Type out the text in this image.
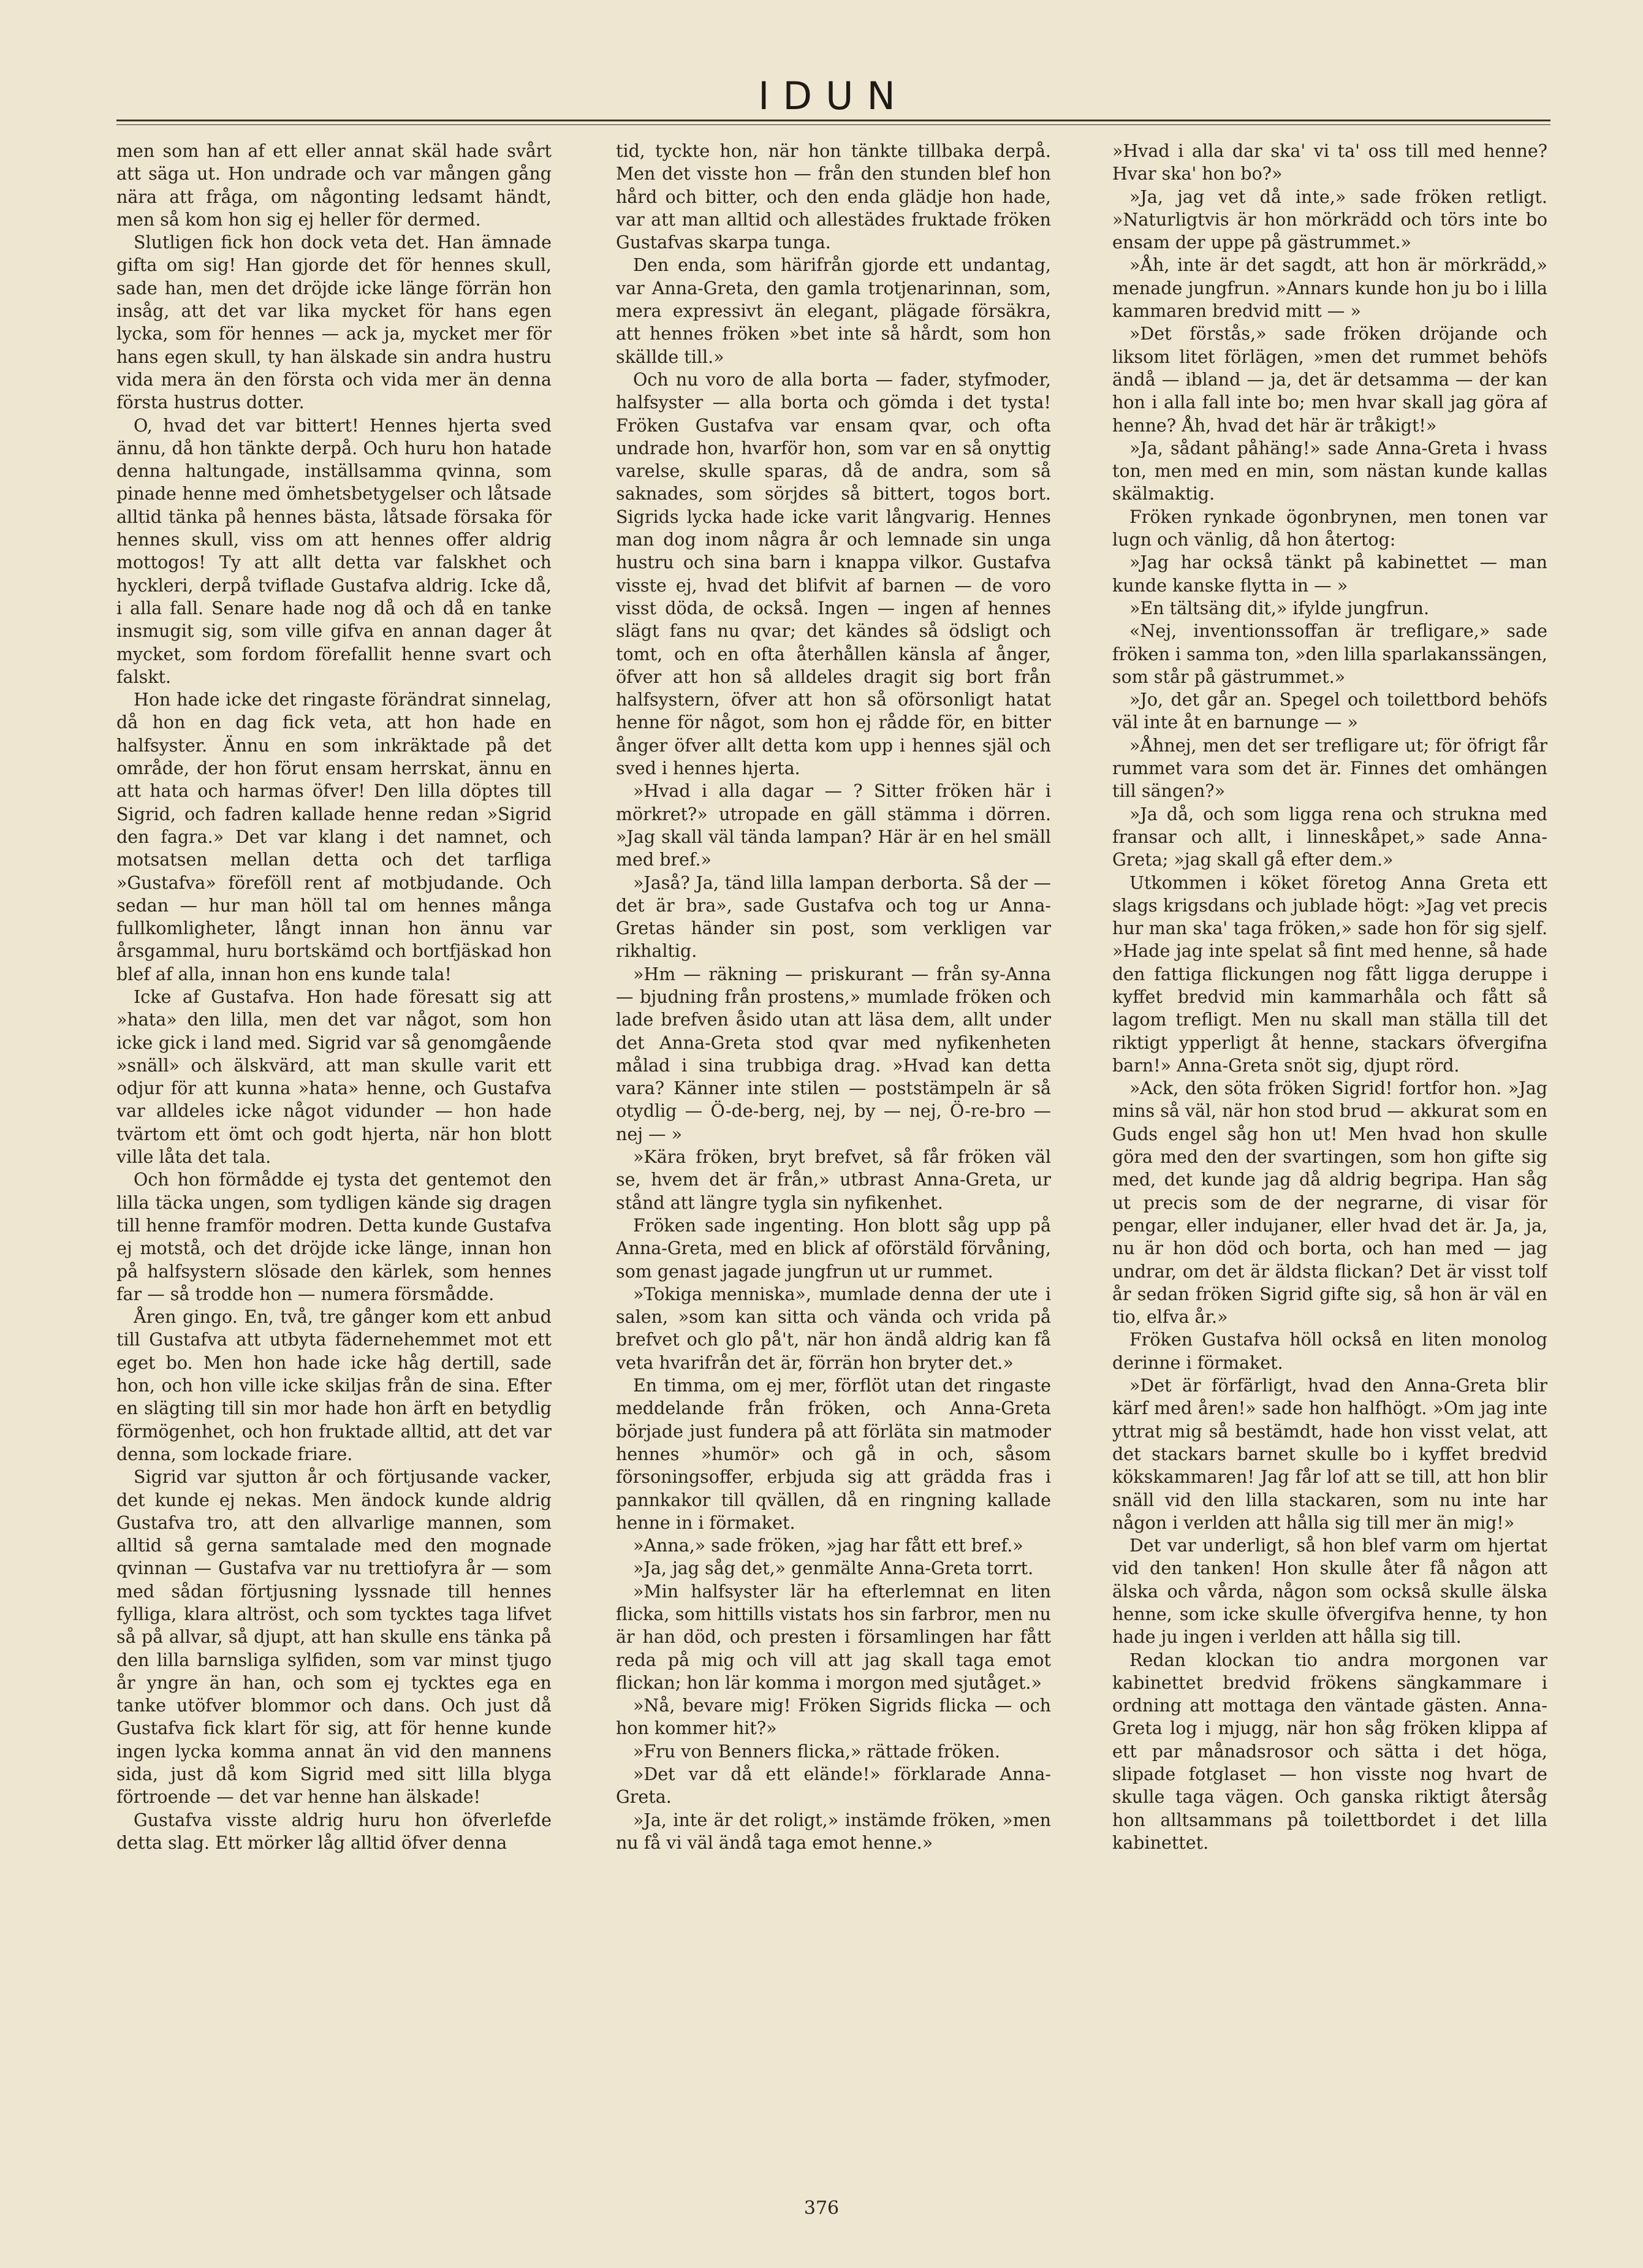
IDUN

men som han af ett eller annat skäl hade svårt att säga ut. Hon undrade och var mången gång nära att fråga, om någonting ledsamt händt, men så kom hon sig ej heller för dermed.

Slutligen fick hon dock veta det. Han ämnade gifta om sig! Han gjorde det för hennes skull, sade han, men det dröjde icke länge förrän hon insåg, att det var lika mycket för hans egen lycka, som för hennes — ack ja, mycket mer för hans egen skull, ty han älskade sin andra hustru vida mera än den första och vida mer än denna första hustrus dotter.

O, hvad det var bittert! Hennes hjerta sved ännu, då hon tänkte derpå. Och huru hon hatade denna haltungade, inställsamma qvinna, som pinade henne med ömhetsbetygelser och låtsade alltid tänka på hennes bästa, låtsade försaka för hennes skull, viss om att hennes offer aldrig mottogos! Ty att allt detta var falskhet och hyckleri, derpå tviflade Gustafva aldrig. Icke då, i alla fall. Senare hade nog då och då en tanke insmugit sig, som ville gifva en annan dager åt mycket, som fordom förefallit henne svart och falskt.

Hon hade icke det ringaste förändrat sinnelag, då hon en dag fick veta, att hon hade en halfsyster. Ännu en som inkräktade på det område, der hon förut ensam herrskat, ännu en att hata och harmas öfver! Den lilla döptes till Sigrid, och fadren kallade henne redan »Sigrid den fagra.» Det var klang i det namnet, och motsatsen mellan detta och det tarfliga »Gustafva» föreföll rent af motbjudande. Och sedan — hur man höll tal om hennes många fullkomligheter, långt innan hon ännu var årsgammal, huru bortskämd och bortfjäskad hon blef af alla, innan hon ens kunde tala!

Icke af Gustafva. Hon hade föresatt sig att »hata» den lilla, men det var något, som hon icke gick i land med. Sigrid var så genomgående »snäll» och älskvärd, att man skulle varit ett odjur för att kunna »hata» henne, och Gustafva var alldeles icke något vidunder — hon hade tvärtom ett ömt och godt hjerta, när hon blott ville låta det tala.

Och hon förmådde ej tysta det gentemot den lilla täcka ungen, som tydligen kände sig dragen till henne framför modren. Detta kunde Gustafva ej motstå, och det dröjde icke länge, innan hon på halfsystern slösade den kärlek, som hennes far — så trodde hon — numera försmådde.

Åren gingo. En, två, tre gånger kom ett anbud till Gustafva att utbyta fädernehemmet mot ett eget bo. Men hon hade icke håg dertill, sade hon, och hon ville icke skiljas från de sina. Efter en slägting till sin mor hade hon ärft en betydlig förmögenhet, och hon fruktade alltid, att det var denna, som lockade friare.

Sigrid var sjutton år och förtjusande vacker, det kunde ej nekas. Men ändock kunde aldrig Gustafva tro, att den allvarlige mannen, som alltid så gerna samtalade med den mognade qvinnan — Gustafva var nu trettiofyra år — som med sådan förtjusning lyssnade till hennes fylliga, klara altröst, och som tycktes taga lifvet så på allvar, så djupt, att han skulle ens tänka på den lilla barnsliga sylfiden, som var minst tjugo år yngre än han, och som ej tycktes ega en tanke utöfver blommor och dans. Och just då Gustafva fick klart för sig, att för henne kunde ingen lycka komma annat än vid den mannens sida, just då kom Sigrid med sitt lilla blyga förtroende — det var henne han älskade!

Gustafva visste aldrig huru hon öfverlefde detta slag. Ett mörker låg alltid öfver denna

tid, tyckte hon, när hon tänkte tillbaka derpå. Men det visste hon — från den stunden blef hon hård och bitter, och den enda glädje hon hade, var att man alltid och allestädes fruktade fröken Gustafvas skarpa tunga.

Den enda, som härifrån gjorde ett undantag, var Anna-Greta, den gamla trotjenarinnan, som, mera expressivt än elegant, plägade försäkra, att hennes fröken »bet inte så hårdt, som hon skällde till.»

Och nu voro de alla borta — fader, styfmoder, halfsyster — alla borta och gömda i det tysta! Fröken Gustafva var ensam qvar, och ofta undrade hon, hvarför hon, som var en så onyttig varelse, skulle sparas, då de andra, som så saknades, som sörjdes så bittert, togos bort. Sigrids lycka hade icke varit långvarig. Hennes man dog inom några år och lemnade sin unga hustru och sina barn i knappa vilkor. Gustafva visste ej, hvad det blifvit af barnen — de voro visst döda, de också. Ingen — ingen af hennes slägt fans nu qvar; det kändes så ödsligt och tomt, och en ofta återhållen känsla af ånger, öfver att hon så alldeles dragit sig bort från halfsystern, öfver att hon så oförsonligt hatat henne för något, som hon ej rådde för, en bitter ånger öfver allt detta kom upp i hennes själ och sved i hennes hjerta.

»Hvad i alla dagar — ? Sitter fröken här i mörkret?» utropade en gäll stämma i dörren. »Jag skall väl tända lampan? Här är en hel smäll med bref.»

»Jaså? Ja, tänd lilla lampan derborta. Så der — det är bra», sade Gustafva och tog ur Anna-Gretas händer sin post, som verkligen var rikhaltig.

»Hm — räkning — priskurant — från sy-Anna — bjudning från prostens,» mumlade fröken och lade brefven åsido utan att läsa dem, allt under det Anna-Greta stod qvar med nyfikenheten målad i sina trubbiga drag. »Hvad kan detta vara? Känner inte stilen — poststämpeln är så otydlig — Ö-de-berg, nej, by — nej, Ö-re-bro — nej — »

»Kära fröken, bryt brefvet, så får fröken väl se, hvem det är från,» utbrast Anna-Greta, ur stånd att längre tygla sin nyfikenhet.

Fröken sade ingenting. Hon blott såg upp på Anna-Greta, med en blick af oförstäld förvåning, som genast jagade jungfrun ut ur rummet.

»Tokiga menniska», mumlade denna der ute i salen, »som kan sitta och vända och vrida på brefvet och glo på't, när hon ändå aldrig kan få veta hvarifrån det är, förrän hon bryter det.»

En timma, om ej mer, förflöt utan det ringaste meddelande från fröken, och Anna-Greta började just fundera på att förläta sin matmoder hennes »humör» och gå in och, såsom försoningsoffer, erbjuda sig att grädda fras i pannkakor till qvällen, då en ringning kallade henne in i förmaket.

»Anna,» sade fröken, »jag har fått ett bref.»

»Ja, jag såg det,» genmälte Anna-Greta torrt.

»Min halfsyster lär ha efterlemnat en liten flicka, som hittills vistats hos sin farbror, men nu är han död, och presten i församlingen har fått reda på mig och vill att jag skall taga emot flickan; hon lär komma i morgon med sjutåget.»

»Nå, bevare mig! Fröken Sigrids flicka — och hon kommer hit?»

»Fru von Benners flicka,» rättade fröken.

»Det var då ett elände!» förklarade Anna-Greta.

»Ja, inte är det roligt,» instämde fröken, »men nu få vi väl ändå taga emot henne.»

»Hvad i alla dar ska' vi ta' oss till med henne? Hvar ska' hon bo?»

»Ja, jag vet då inte,» sade fröken retligt. »Naturligtvis är hon mörkrädd och törs inte bo ensam der uppe på gästrummet.»

»Åh, inte är det sagdt, att hon är mörkrädd,» menade jungfrun. »Annars kunde hon ju bo i lilla kammaren bredvid mitt — »

»Det förstås,» sade fröken dröjande och liksom litet förlägen, »men det rummet behöfs ändå — ibland — ja, det är detsamma — der kan hon i alla fall inte bo; men hvar skall jag göra af henne? Åh, hvad det här är tråkigt!»

»Ja, sådant påhäng!» sade Anna-Greta i hvass ton, men med en min, som nästan kunde kallas skälmaktig.

Fröken rynkade ögonbrynen, men tonen var lugn och vänlig, då hon återtog:

»Jag har också tänkt på kabinettet — man kunde kanske flytta in — »

»En tältsäng dit,» ifylde jungfrun.

«Nej, inventionssoffan är trefligare,» sade fröken i samma ton, »den lilla sparlakanssängen, som står på gästrummet.»

»Jo, det går an. Spegel och toilettbord behöfs väl inte åt en barnunge — »

»Åhnej, men det ser trefligare ut; för öfrigt får rummet vara som det är. Finnes det omhängen till sängen?»

»Ja då, och som ligga rena och strukna med fransar och allt, i linneskåpet,» sade Anna-Greta; »jag skall gå efter dem.»

Utkommen i köket företog Anna Greta ett slags krigsdans och jublade högt: »Jag vet precis hur man ska' taga fröken,» sade hon för sig sjelf. »Hade jag inte spelat så fint med henne, så hade den fattiga flickungen nog fått ligga deruppe i kyffet bredvid min kammarhåla och fått så lagom trefligt. Men nu skall man ställa till det riktigt ypperligt åt henne, stackars öfvergifna barn!» Anna-Greta snöt sig, djupt rörd.

»Ack, den söta fröken Sigrid! fortfor hon. »Jag mins så väl, när hon stod brud — akkurat som en Guds engel såg hon ut! Men hvad hon skulle göra med den der svartingen, som hon gifte sig med, det kunde jag då aldrig begripa. Han såg ut precis som de der negrarne, di visar för pengar, eller indujaner, eller hvad det är. Ja, ja, nu är hon död och borta, och han med — jag undrar, om det är äldsta flickan? Det är visst tolf år sedan fröken Sigrid gifte sig, så hon är väl en tio, elfva år.»

Fröken Gustafva höll också en liten monolog derinne i förmaket.

»Det är förfärligt, hvad den Anna-Greta blir kärf med åren!» sade hon halfhögt. »Om jag inte yttrat mig så bestämdt, hade hon visst velat, att det stackars barnet skulle bo i kyffet bredvid kökskammaren! Jag får lof att se till, att hon blir snäll vid den lilla stackaren, som nu inte har någon i verlden att hålla sig till mer än mig!»

Det var underligt, så hon blef varm om hjertat vid den tanken! Hon skulle åter få någon att älska och vårda, någon som också skulle älska henne, som icke skulle öfvergifva henne, ty hon hade ju ingen i verlden att hålla sig till.

Redan klockan tio andra morgonen var kabinettet bredvid frökens sängkammare i ordning att mottaga den väntade gästen. Anna-Greta log i mjugg, när hon såg fröken klippa af ett par månadsrosor och sätta i det höga, slipade fotglaset — hon visste nog hvart de skulle taga vägen. Och ganska riktigt återsåg hon alltsammans på toilettbordet i det lilla kabinettet.

376
